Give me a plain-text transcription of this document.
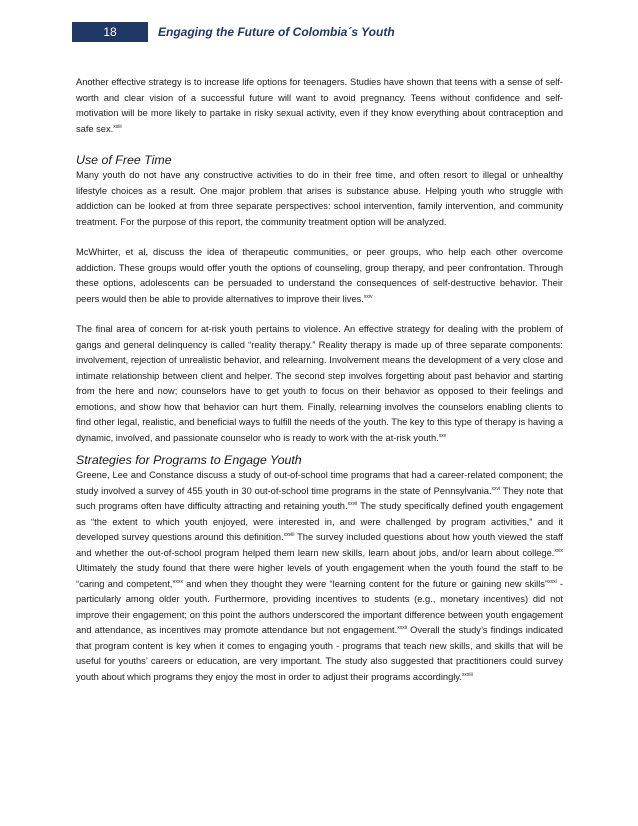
18	Engaging the Future of Colombia´s Youth

Another effective strategy is to increase life options for teenagers. Studies have shown that teens with a sense of self-worth and clear vision of a successful future will want to avoid pregnancy. Teens without confidence and self-motivation will be more likely to partake in risky sexual activity, even if they know everything about contraception and safe sex.$^{xxiii}$

Use of Free Time

Many youth do not have any constructive activities to do in their free time, and often resort to illegal or unhealthy lifestyle choices as a result. One major problem that arises is substance abuse. Helping youth who struggle with addiction can be looked at from three separate perspectives: school intervention, family intervention, and community treatment. For the purpose of this report, the community treatment option will be analyzed.

McWhirter, et al, discuss the idea of therapeutic communities, or peer groups, who help each other overcome addiction. These groups would offer youth the options of counseling, group therapy, and peer confrontation. Through these options, adolescents can be persuaded to understand the consequences of self-destructive behavior. Their peers would then be able to provide alternatives to improve their lives.$^{xxiv}$

The final area of concern for at-risk youth pertains to violence. An effective strategy for dealing with the problem of gangs and general delinquency is called “reality therapy.” Reality therapy is made up of three separate components: involvement, rejection of unrealistic behavior, and relearning. Involvement means the development of a very close and intimate relationship between client and helper. The second step involves forgetting about past behavior and starting from the here and now; counselors have to get youth to focus on their behavior as opposed to their feelings and emotions, and show how that behavior can hurt them. Finally, relearning involves the counselors enabling clients to find other legal, realistic, and beneficial ways to fulfill the needs of the youth. The key to this type of therapy is having a dynamic, involved, and passionate counselor who is ready to work with the at-risk youth.$^{xxv}$

Strategies for Programs to Engage Youth

Greene, Lee and Constance discuss a study of out-of-school time programs that had a career-related component; the study involved a survey of 455 youth in 30 out-of-school time programs in the state of Pennsylvania.$^{xxvi}$ They note that such programs often have difficulty attracting and retaining youth.$^{xxvii}$ The study specifically defined youth engagement as “the extent to which youth enjoyed, were interested in, and were challenged by program activities,” and it developed survey questions around this definition.$^{xxviii}$ The survey included questions about how youth viewed the staff and whether the out-of-school program helped them learn new skills, learn about jobs, and/or learn about college.$^{xxix}$ Ultimately the study found that there were higher levels of youth engagement when the youth found the staff to be “caring and competent,”$^{xxx}$ and when they thought they were “learning content for the future or gaining new skills”$^{xxxi}$ - particularly among older youth. Furthermore, providing incentives to students (e.g., monetary incentives) did not improve their engagement; on this point the authors underscored the important difference between youth engagement and attendance, as incentives may promote attendance but not engagement.$^{xxxii}$ Overall the study’s findings indicated that program content is key when it comes to engaging youth - programs that teach new skills, and skills that will be useful for youths’ careers or education, are very important. The study also suggested that practitioners could survey youth about which programs they enjoy the most in order to adjust their programs accordingly.$^{xxxiii}$
